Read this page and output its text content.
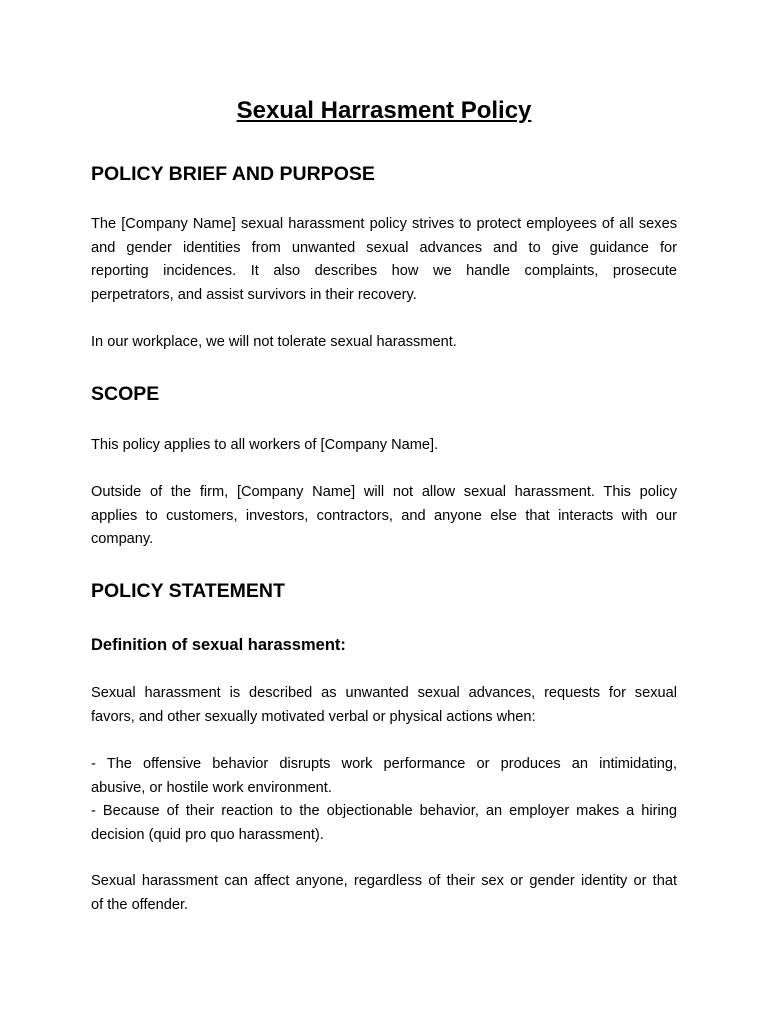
Sexual Harrasment Policy
POLICY BRIEF AND PURPOSE
The [Company Name] sexual harassment policy strives to protect employees of all sexes
and gender identities from unwanted sexual advances and to give guidance for
reporting incidences. It also describes how we handle complaints, prosecute
perpetrators, and assist survivors in their recovery.
In our workplace, we will not tolerate sexual harassment.
SCOPE
This policy applies to all workers of [Company Name].
Outside of the firm, [Company Name] will not allow sexual harassment. This policy
applies to customers, investors, contractors, and anyone else that interacts with our
company.
POLICY STATEMENT
Definition of sexual harassment:
Sexual harassment is described as unwanted sexual advances, requests for sexual
favors, and other sexually motivated verbal or physical actions when:
- The offensive behavior disrupts work performance or produces an intimidating,
abusive, or hostile work environment.
- Because of their reaction to the objectionable behavior, an employer makes a hiring
decision (quid pro quo harassment).
Sexual harassment can affect anyone, regardless of their sex or gender identity or that
of the offender.
